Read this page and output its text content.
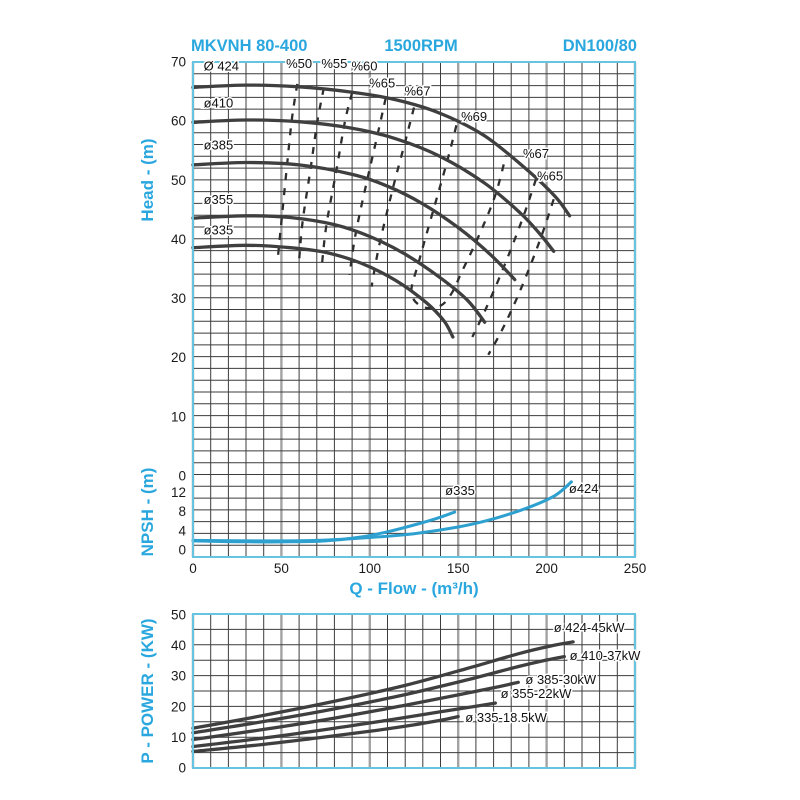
70
60
50
40
30
20
10
0
12
8
4
0
0	50	100	150	200	250
50
40
30
20
10
0
Ø 424
ø410
ø385
ø355
ø335
%50 %55 %60
%65
%67
%69
%67
%65
ø335	ø424
ø 424-45kW
ø 410-37kW
ø 385-30kW
ø 355-22kW
ø 335-18.5kW
MKVNH 80-400	1500RPM	DN100/80
Head - (m)
NPSH - (m)
Q - Flow - (m³/h)
P - POWER - (KW)
